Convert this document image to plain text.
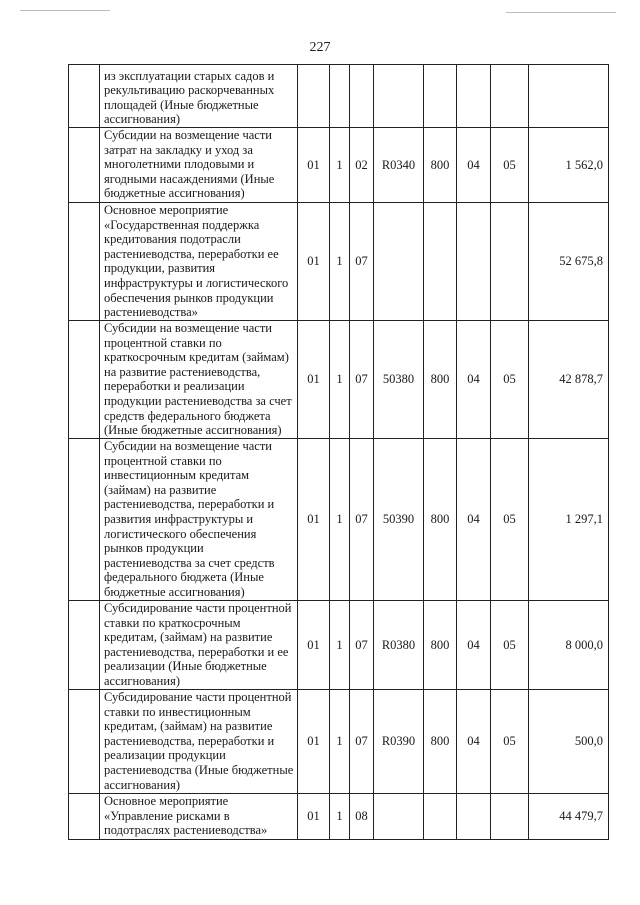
227
	из эксплуатации старых садов и рекультивацию раскорчеванных площадей (Иные бюджетные ассигнования)								
	Субсидии на возмещение части затрат на закладку и уход за многолетними плодовыми и ягодными насаждениями (Иные бюджетные ассигнования)	01	1	02	R0340	800	04	05	1 562,0
	Основное мероприятие «Государственная поддержка кредитования подотрасли растениеводства, переработки ее продукции, развития инфраструктуры и логистического обеспечения рынков продукции растениеводства»	01	1	07					52 675,8
	Субсидии на возмещение части процентной ставки по краткосрочным кредитам (займам) на развитие растениеводства, переработки и реализации продукции растениеводства за счет средств федерального бюджета (Иные бюджетные ассигнования)	01	1	07	50380	800	04	05	42 878,7
	Субсидии на возмещение части процентной ставки по инвестиционным кредитам (займам) на развитие растениеводства, переработки и развития инфраструктуры и логистического обеспечения рынков продукции растениеводства за счет средств федерального бюджета (Иные бюджетные ассигнования)	01	1	07	50390	800	04	05	1 297,1
	Субсидирование части процентной ставки по краткосрочным кредитам, (займам) на развитие растениеводства, переработки и ее реализации (Иные бюджетные ассигнования)	01	1	07	R0380	800	04	05	8 000,0
	Субсидирование части процентной ставки по инвестиционным кредитам, (займам) на развитие растениеводства, переработки и реализации продукции растениеводства (Иные бюджетные ассигнования)	01	1	07	R0390	800	04	05	500,0
	Основное мероприятие «Управление рисками в подотраслях растениеводства»	01	1	08					44 479,7
